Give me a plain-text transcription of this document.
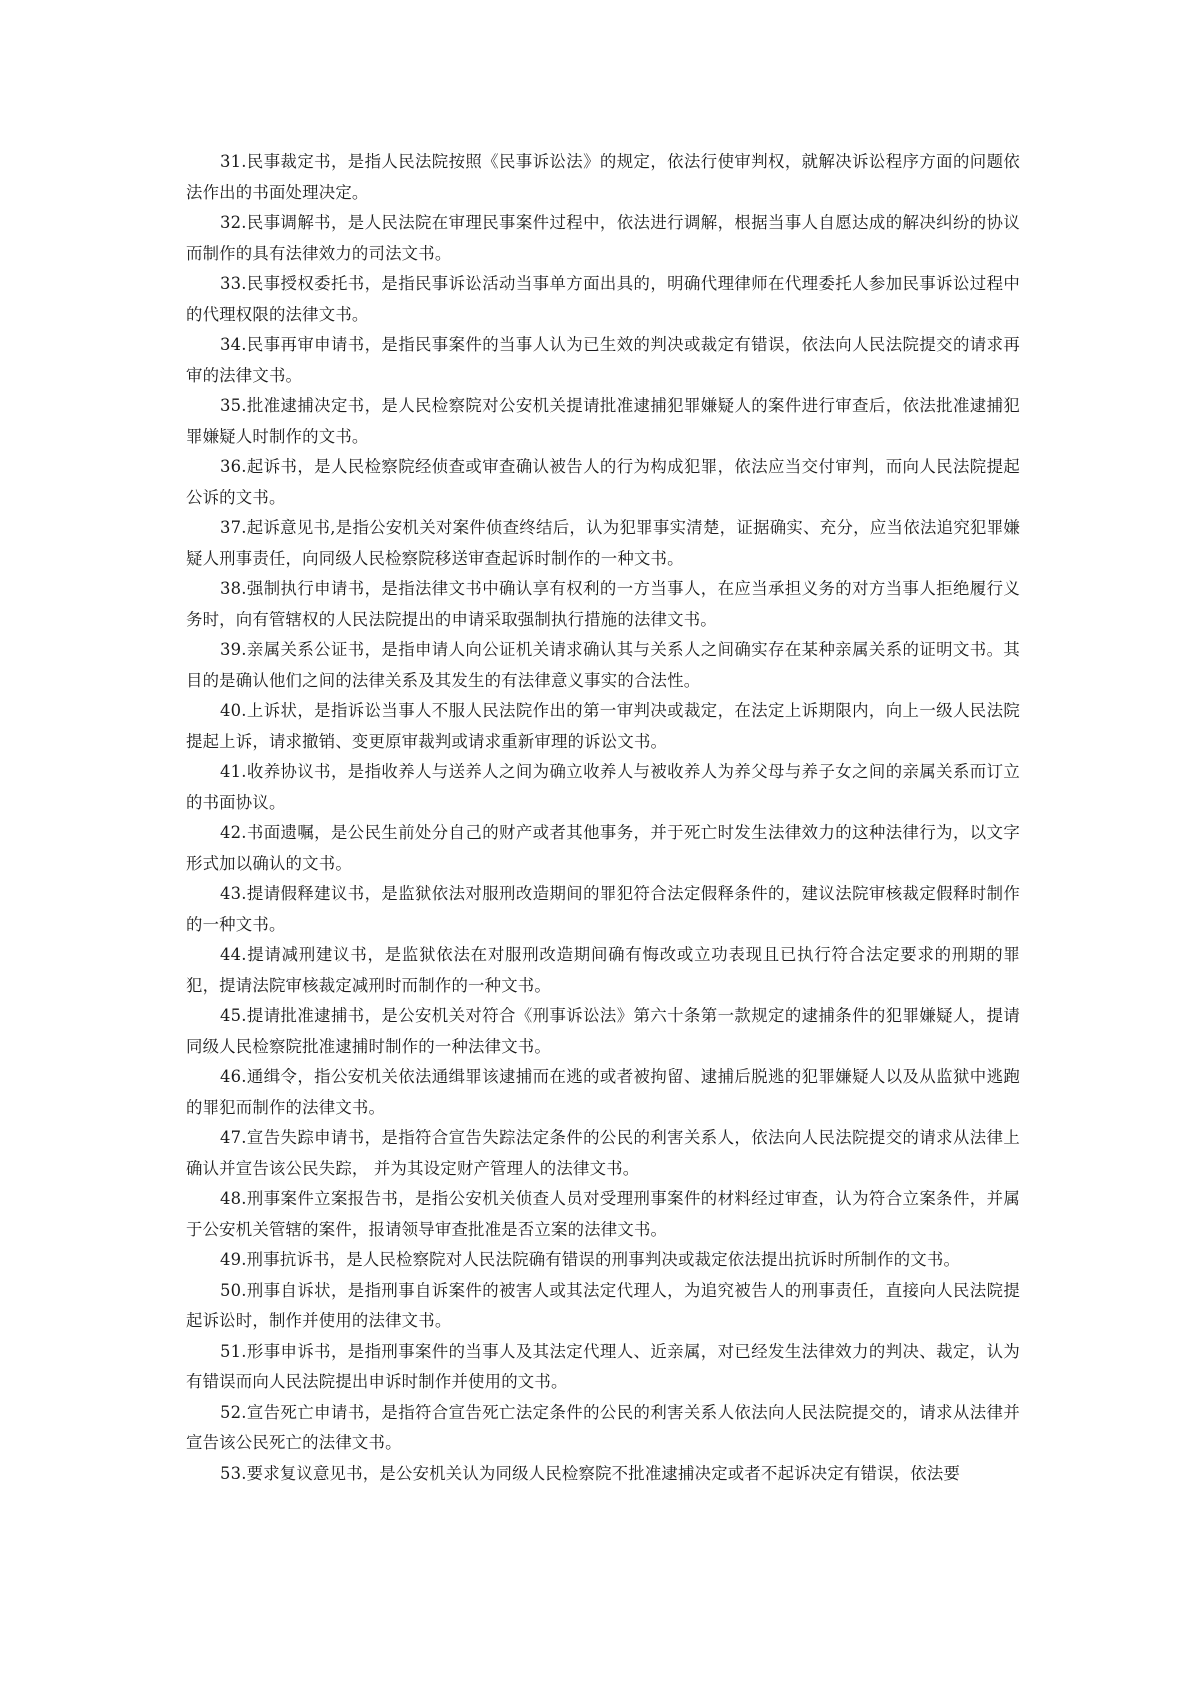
31.民事裁定书，是指人民法院按照《民事诉讼法》的规定，依法行使审判权，就解决诉讼程序方面的问题依法作出的书面处理决定。

32.民事调解书，是人民法院在审理民事案件过程中，依法进行调解，根据当事人自愿达成的解决纠纷的协议而制作的具有法律效力的司法文书。

33.民事授权委托书，是指民事诉讼活动当事单方面出具的，明确代理律师在代理委托人参加民事诉讼过程中的代理权限的法律文书。

34.民事再审申请书，是指民事案件的当事人认为已生效的判决或裁定有错误，依法向人民法院提交的请求再审的法律文书。

35.批准逮捕决定书，是人民检察院对公安机关提请批准逮捕犯罪嫌疑人的案件进行审查后，依法批准逮捕犯罪嫌疑人时制作的文书。

36.起诉书，是人民检察院经侦查或审查确认被告人的行为构成犯罪，依法应当交付审判，而向人民法院提起公诉的文书。

37.起诉意见书,是指公安机关对案件侦查终结后，认为犯罪事实清楚，证据确实、充分，应当依法追究犯罪嫌疑人刑事责任，向同级人民检察院移送审查起诉时制作的一种文书。

38.强制执行申请书，是指法律文书中确认享有权利的一方当事人，在应当承担义务的对方当事人拒绝履行义务时，向有管辖权的人民法院提出的申请采取强制执行措施的法律文书。

39.亲属关系公证书，是指申请人向公证机关请求确认其与关系人之间确实存在某种亲属关系的证明文书。其目的是确认他们之间的法律关系及其发生的有法律意义事实的合法性。

40.上诉状，是指诉讼当事人不服人民法院作出的第一审判决或裁定，在法定上诉期限内，向上一级人民法院提起上诉，请求撤销、变更原审裁判或请求重新审理的诉讼文书。

41.收养协议书，是指收养人与送养人之间为确立收养人与被收养人为养父母与养子女之间的亲属关系而订立的书面协议。

42.书面遗嘱，是公民生前处分自己的财产或者其他事务，并于死亡时发生法律效力的这种法律行为，以文字形式加以确认的文书。

43.提请假释建议书，是监狱依法对服刑改造期间的罪犯符合法定假释条件的，建议法院审核裁定假释时制作的一种文书。

44.提请减刑建议书，是监狱依法在对服刑改造期间确有悔改或立功表现且已执行符合法定要求的刑期的罪犯，提请法院审核裁定减刑时而制作的一种文书。

45.提请批准逮捕书，是公安机关对符合《刑事诉讼法》第六十条第一款规定的逮捕条件的犯罪嫌疑人，提请同级人民检察院批准逮捕时制作的一种法律文书。

46.通缉令，指公安机关依法通缉罪该逮捕而在逃的或者被拘留、逮捕后脱逃的犯罪嫌疑人以及从监狱中逃跑的罪犯而制作的法律文书。

47.宣告失踪申请书，是指符合宣告失踪法定条件的公民的利害关系人，依法向人民法院提交的请求从法律上确认并宣告该公民失踪， 并为其设定财产管理人的法律文书。

48.刑事案件立案报告书，是指公安机关侦查人员对受理刑事案件的材料经过审查，认为符合立案条件，并属于公安机关管辖的案件，报请领导审查批准是否立案的法律文书。

49.刑事抗诉书，是人民检察院对人民法院确有错误的刑事判决或裁定依法提出抗诉时所制作的文书。

50.刑事自诉状，是指刑事自诉案件的被害人或其法定代理人，为追究被告人的刑事责任，直接向人民法院提起诉讼时，制作并使用的法律文书。

51.形事申诉书，是指刑事案件的当事人及其法定代理人、近亲属，对已经发生法律效力的判决、裁定，认为有错误而向人民法院提出申诉时制作并使用的文书。

52.宣告死亡申请书，是指符合宣告死亡法定条件的公民的利害关系人依法向人民法院提交的，请求从法律并宣告该公民死亡的法律文书。

53.要求复议意见书，是公安机关认为同级人民检察院不批准逮捕决定或者不起诉决定有错误，依法要
